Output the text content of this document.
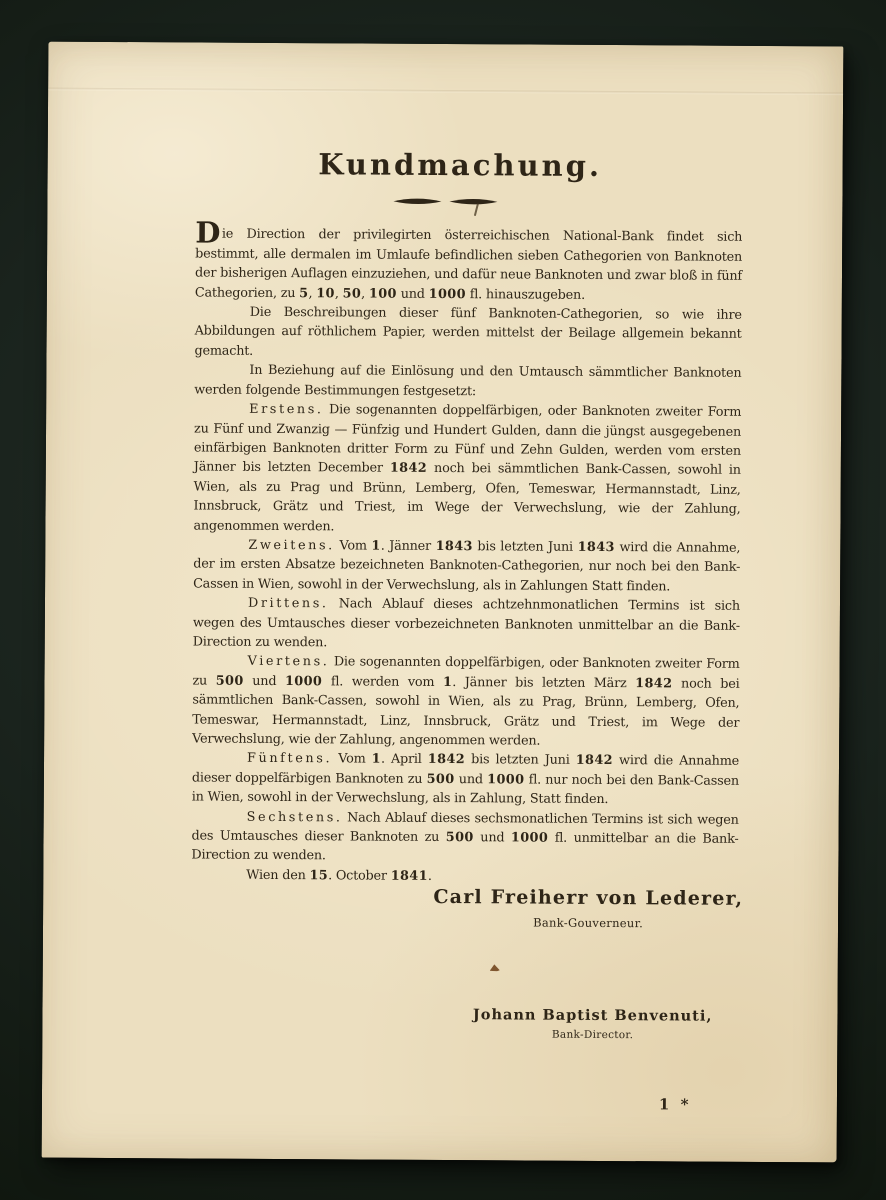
Kundmachung.

Die Direction der privilegirten österreichischen National-Bank findet sich bestimmt, alle dermalen im Umlaufe befindlichen sieben Cathegorien von Banknoten der bisherigen Auflagen einzuziehen, und dafür neue Banknoten und zwar bloß in fünf Cathegorien, zu 5, 10, 50, 100 und 1000 fl. hinauszugeben.

Die Beschreibungen dieser fünf Banknoten-Cathegorien, so wie ihre Abbildungen auf röthlichem Papier, werden mittelst der Beilage allgemein bekannt gemacht.

In Beziehung auf die Einlösung und den Umtausch sämmtlicher Banknoten werden folgende Bestimmungen festgesetzt:

Erstens. Die sogenannten doppelfärbigen, oder Banknoten zweiter Form zu Fünf und Zwanzig — Fünfzig und Hundert Gulden, dann die jüngst ausgegebenen einfärbigen Banknoten dritter Form zu Fünf und Zehn Gulden, werden vom ersten Jänner bis letzten December 1842 noch bei sämmtlichen Bank-Cassen, sowohl in Wien, als zu Prag und Brünn, Lemberg, Ofen, Temeswar, Hermannstadt, Linz, Innsbruck, Grätz und Triest, im Wege der Verwechslung, wie der Zahlung, angenommen werden.

Zweitens. Vom 1. Jänner 1843 bis letzten Juni 1843 wird die Annahme, der im ersten Absatze bezeichneten Banknoten-Cathegorien, nur noch bei den Bank-Cassen in Wien, sowohl in der Verwechslung, als in Zahlungen Statt finden.

Drittens. Nach Ablauf dieses achtzehnmonatlichen Termins ist sich wegen des Umtausches dieser vorbezeichneten Banknoten unmittelbar an die Bank-Direction zu wenden.

Viertens. Die sogenannten doppelfärbigen, oder Banknoten zweiter Form zu 500 und 1000 fl. werden vom 1. Jänner bis letzten März 1842 noch bei sämmtlichen Bank-Cassen, sowohl in Wien, als zu Prag, Brünn, Lemberg, Ofen, Temeswar, Hermannstadt, Linz, Innsbruck, Grätz und Triest, im Wege der Verwechslung, wie der Zahlung, angenommen werden.

Fünftens. Vom 1. April 1842 bis letzten Juni 1842 wird die Annahme dieser doppelfärbigen Banknoten zu 500 und 1000 fl. nur noch bei den Bank-Cassen in Wien, sowohl in der Verwechslung, als in Zahlung, Statt finden.

Sechstens. Nach Ablauf dieses sechsmonatlichen Termins ist sich wegen des Umtausches dieser Banknoten zu 500 und 1000 fl. unmittelbar an die Bank-Direction zu wenden.

Wien den 15. October 1841.

Carl Freiherr von Lederer,
Bank-Gouverneur.
Johann Baptist Benvenuti,
Bank-Director.
1 *
